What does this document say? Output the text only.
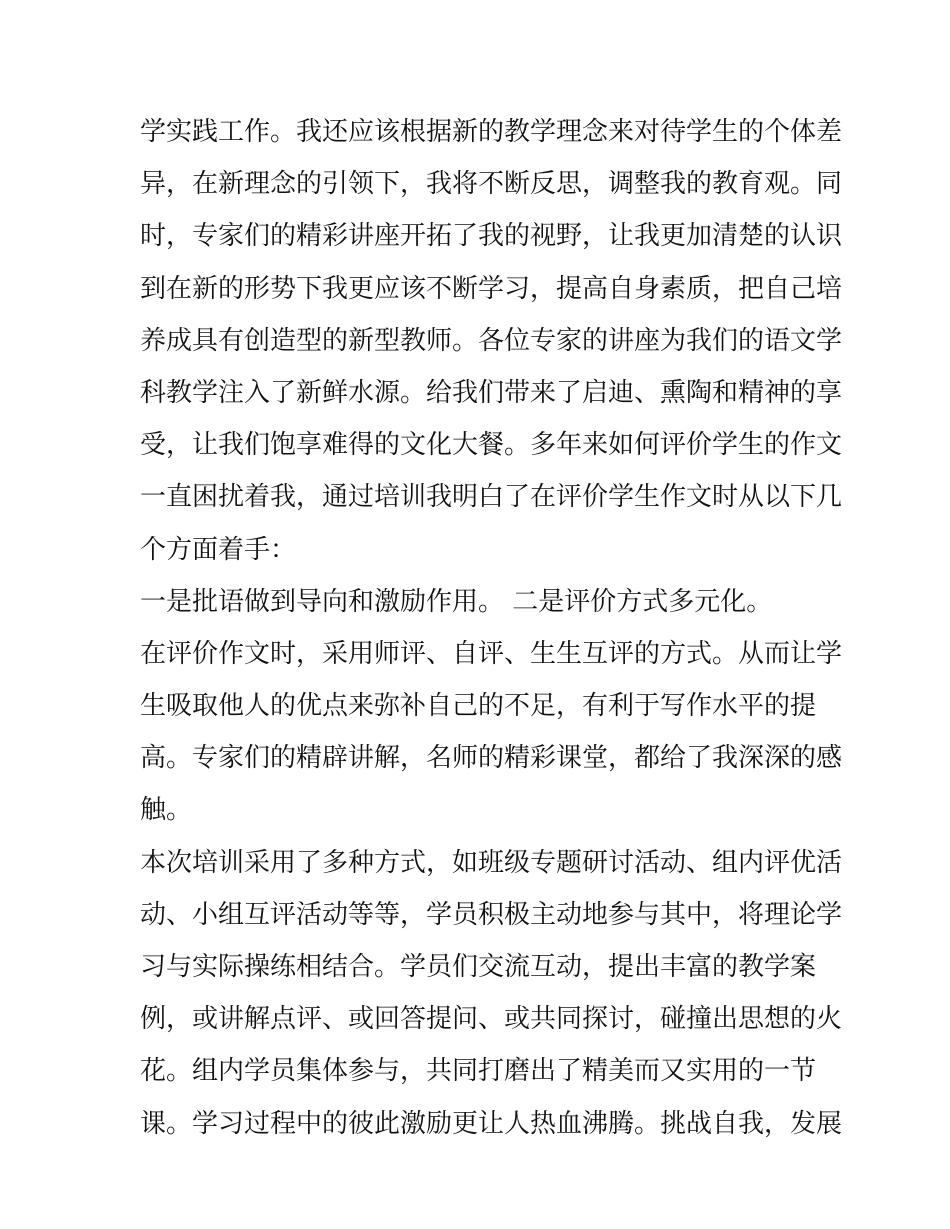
学实践工作。我还应该根据新的教学理念来对待学生的个体差
异，在新理念的引领下，我将不断反思，调整我的教育观。同
时，专家们的精彩讲座开拓了我的视野，让我更加清楚的认识
到在新的形势下我更应该不断学习，提高自身素质，把自己培
养成具有创造型的新型教师。各位专家的讲座为我们的语文学
科教学注入了新鲜水源。给我们带来了启迪、熏陶和精神的享
受，让我们饱享难得的文化大餐。多年来如何评价学生的作文
一直困扰着我，通过培训我明白了在评价学生作文时从以下几
个方面着手：
一是批语做到导向和激励作用。 二是评价方式多元化。
在评价作文时，采用师评、自评、生生互评的方式。从而让学
生吸取他人的优点来弥补自己的不足，有利于写作水平的提
高。专家们的精辟讲解，名师的精彩课堂，都给了我深深的感
触。
本次培训采用了多种方式，如班级专题研讨活动、组内评优活
动、小组互评活动等等，学员积极主动地参与其中，将理论学
习与实际操练相结合。学员们交流互动，提出丰富的教学案
例，或讲解点评、或回答提问、或共同探讨，碰撞出思想的火
花。组内学员集体参与，共同打磨出了精美而又实用的一节
课。学习过程中的彼此激励更让人热血沸腾。挑战自我，发展
